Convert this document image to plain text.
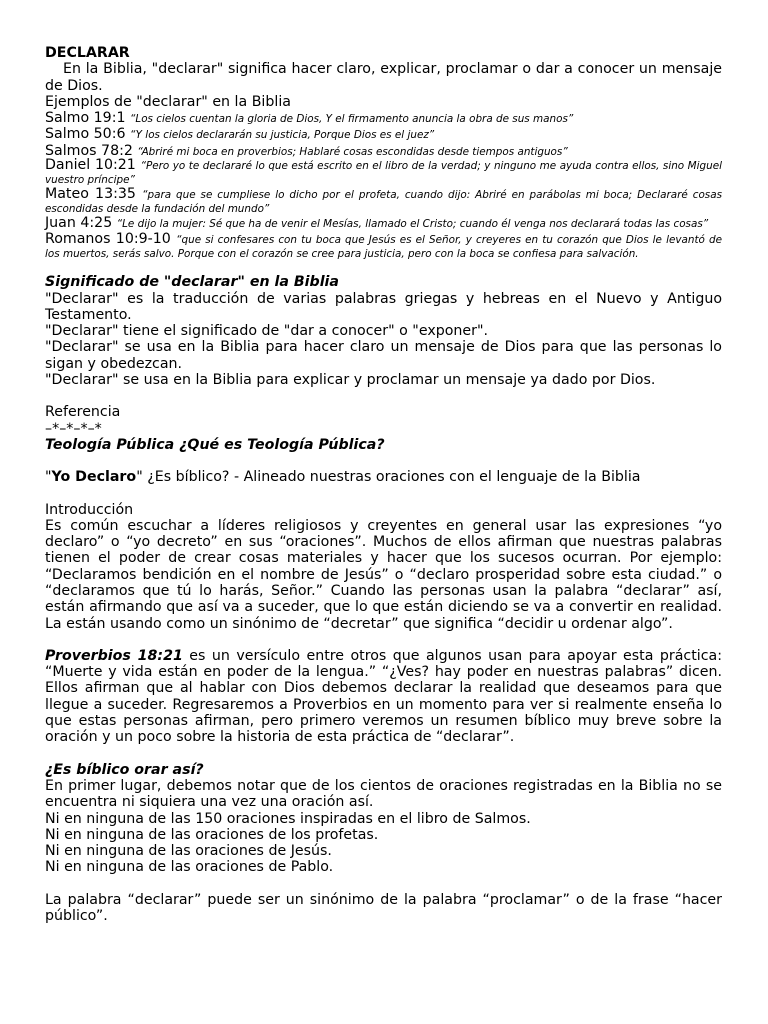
DECLARAR

En la Biblia, "declarar" significa hacer claro, explicar, proclamar o dar a conocer un mensaje de Dios.

Ejemplos de "declarar" en la Biblia

Salmo 19:1 “Los cielos cuentan la gloria de Dios, Y el firmamento anuncia la obra de sus manos”

Salmo 50:6 “Y los cielos declararán su justicia, Porque Dios es el juez”

Salmos 78:2 “Abriré mi boca en proverbios; Hablaré cosas escondidas desde tiempos antiguos”

Daniel 10:21 “Pero yo te declararé lo que está escrito en el libro de la verdad; y ninguno me ayuda contra ellos, sino Miguel vuestro príncipe”

Mateo 13:35 “para que se cumpliese lo dicho por el profeta, cuando dijo: Abriré en parábolas mi boca; Declararé cosas escondidas desde la fundación del mundo”

Juan 4:25 “Le dijo la mujer: Sé que ha de venir el Mesías, llamado el Cristo; cuando él venga nos declarará todas las cosas”

Romanos 10:9-10 “que si confesares con tu boca que Jesús es el Señor, y creyeres en tu corazón que Dios le levantó de los muertos, serás salvo. Porque con el corazón se cree para justicia, pero con la boca se confiesa para salvación.

Significado de "declarar" en la Biblia

"Declarar" es la traducción de varias palabras griegas y hebreas en el Nuevo y Antiguo Testamento.

"Declarar" tiene el significado de "dar a conocer" o "exponer".

"Declarar" se usa en la Biblia para hacer claro un mensaje de Dios para que las personas lo sigan y obedezcan.

"Declarar" se usa en la Biblia para explicar y proclamar un mensaje ya dado por Dios.

Referencia

–*–*–*–*

Teología Pública ¿Qué es Teología Pública?

"Yo Declaro" ¿Es bíblico? - Alineado nuestras oraciones con el lenguaje de la Biblia

Introducción

Es común escuchar a líderes religiosos y creyentes en general usar las expresiones “yo declaro” o “yo decreto” en sus “oraciones”. Muchos de ellos afirman que nuestras palabras tienen el poder de crear cosas materiales y hacer que los sucesos ocurran. Por ejemplo: “Declaramos bendición en el nombre de Jesús” o “declaro prosperidad sobre esta ciudad.” o “declaramos que tú lo harás, Señor.” Cuando las personas usan la palabra “declarar” así, están afirmando que así va a suceder, que lo que están diciendo se va a convertir en realidad. La están usando como un sinónimo de “decretar” que significa “decidir u ordenar algo”.

Proverbios 18:21 es un versículo entre otros que algunos usan para apoyar esta práctica: “Muerte y vida están en poder de la lengua.” “¿Ves? hay poder en nuestras palabras” dicen. Ellos afirman que al hablar con Dios debemos declarar la realidad que deseamos para que llegue a suceder. Regresaremos a Proverbios en un momento para ver si realmente enseña lo que estas personas afirman, pero primero veremos un resumen bíblico muy breve sobre la oración y un poco sobre la historia de esta práctica de “declarar”.

¿Es bíblico orar así?

En primer lugar, debemos notar que de los cientos de oraciones registradas en la Biblia no se encuentra ni siquiera una vez una oración así.

Ni en ninguna de las 150 oraciones inspiradas en el libro de Salmos.

Ni en ninguna de las oraciones de los profetas.

Ni en ninguna de las oraciones de Jesús.

Ni en ninguna de las oraciones de Pablo.

La palabra “declarar” puede ser un sinónimo de la palabra “proclamar” o de la frase “hacer público”.
